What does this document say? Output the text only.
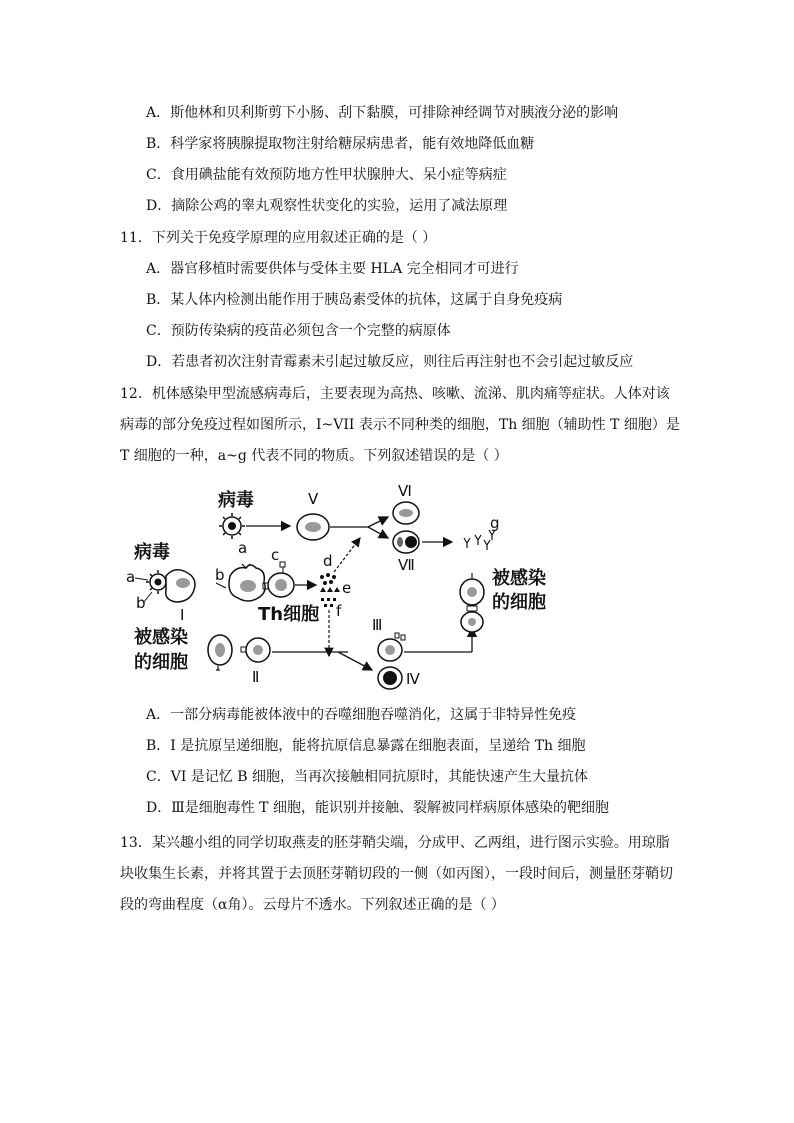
A．斯他林和贝利斯剪下小肠、刮下黏膜，可排除神经调节对胰液分泌的影响
B．科学家将胰腺提取物注射给糖尿病患者，能有效地降低血糖
C．食用碘盐能有效预防地方性甲状腺肿大、呆小症等病症
D．摘除公鸡的睾丸观察性状变化的实验，运用了减法原理
11．下列关于免疫学原理的应用叙述正确的是（ ）
A．器官移植时需要供体与受体主要 HLA 完全相同才可进行
B．某人体内检测出能作用于胰岛素受体的抗体，这属于自身免疫病
C．预防传染病的疫苗必须包含一个完整的病原体
D．若患者初次注射青霉素未引起过敏反应，则往后再注射也不会引起过敏反应
12．机体感染甲型流感病毒后，主要表现为高热、咳嗽、流涕、肌肉痛等症状。人体对该病毒的部分免疫过程如图所示，I~VII 表示不同种类的细胞，Th 细胞（辅助性 T 细胞）是 T 细胞的一种，a~g 代表不同的物质。下列叙述错误的是（ ）
病毒	Ⅴ	Ⅵ
Ⅶ
g
病毒
a
b
I
b
a c
Th细胞
d
e
f
被感染
的细胞
Ⅱ
Ⅲ
Ⅳ
被感染
的细胞
A．一部分病毒能被体液中的吞噬细胞吞噬消化，这属于非特异性免疫
B．I 是抗原呈递细胞，能将抗原信息暴露在细胞表面，呈递给 Th 细胞
C．VI 是记忆 B 细胞，当再次接触相同抗原时，其能快速产生大量抗体
D．Ⅲ是细胞毒性 T 细胞，能识别并接触、裂解被同样病原体感染的靶细胞
13．某兴趣小组的同学切取燕麦的胚芽鞘尖端，分成甲、乙两组，进行图示实验。用琼脂块收集生长素，并将其置于去顶胚芽鞘切段的一侧（如丙图），一段时间后，测量胚芽鞘切段的弯曲程度（α角）。云母片不透水。下列叙述正确的是（ ）
